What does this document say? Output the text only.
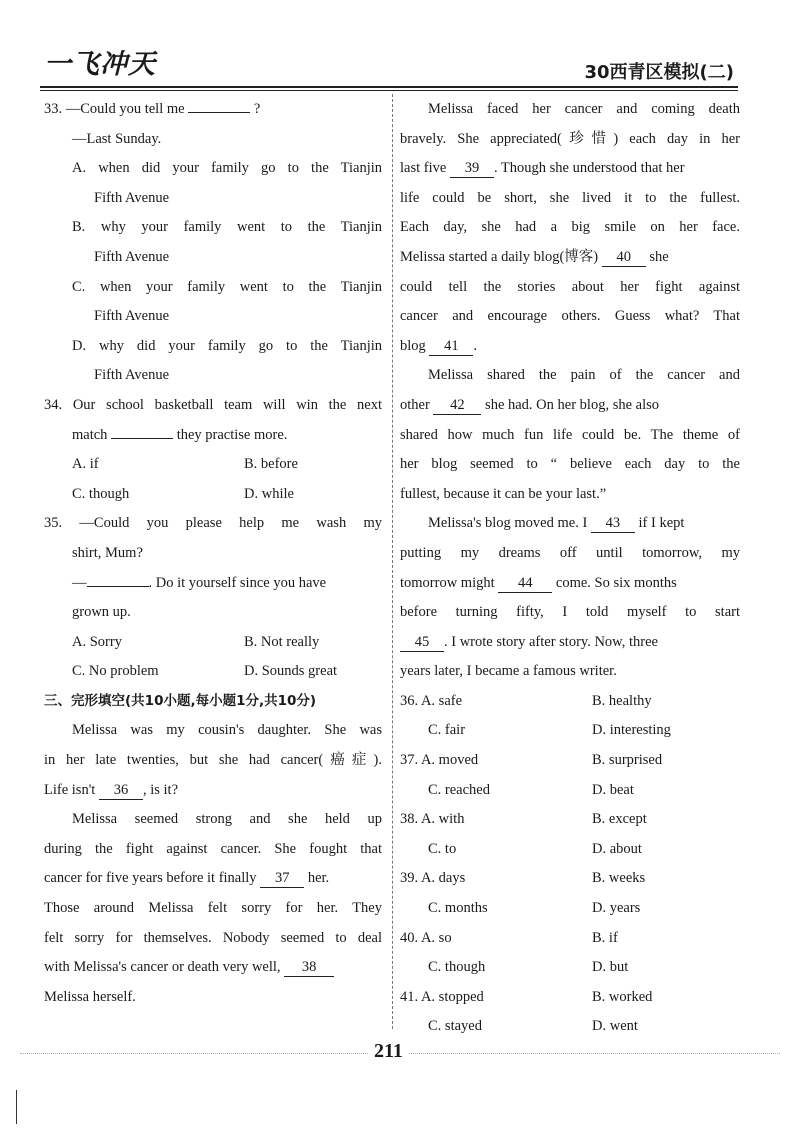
一飞冲天	30西青区模拟(二)
33. —Could you tell me	?
—Last Sunday.
A. when did your family go to the Tianjin
Fifth Avenue
B. why your family went to the Tianjin
Fifth Avenue
C. when your family went to the Tianjin
Fifth Avenue
D. why did your family go to the Tianjin
Fifth Avenue
34. Our school basketball team will win the next
match	they practise more.
A. if	B. before
C. though	D. while
35. —Could you please help me wash my
shirt, Mum?
—	. Do it yourself since you have
grown up.
A. Sorry	B. Not really
C. No problem	D. Sounds great
三、完形填空(共10小题,每小题1分,共10分)
Melissa was my cousin's daughter. She was
in her late twenties, but she had cancer(癌症).
Life isn't 36 , is it?
Melissa seemed strong and she held up
during the fight against cancer. She fought that
cancer for five years before it finally 37 her.
Those around Melissa felt sorry for her. They
felt sorry for themselves. Nobody seemed to deal
with Melissa's cancer or death very well, 38
Melissa herself.
Melissa faced her cancer and coming death
bravely. She appreciated(珍惜) each day in her
last five 39 . Though she understood that her
life could be short, she lived it to the fullest.
Each day, she had a big smile on her face.
Melissa started a daily blog(博客) 40 she
could tell the stories about her fight against
cancer and encourage others. Guess what? That
blog 41 .
Melissa shared the pain of the cancer and
other 42 she had. On her blog, she also
shared how much fun life could be. The theme of
her blog seemed to “ believe each day to the
fullest, because it can be your last.”
Melissa's blog moved me. I 43 if I kept
putting my dreams off until tomorrow, my
tomorrow might 44 come. So six months
before turning fifty, I told myself to start
45 . I wrote story after story. Now, three
years later, I became a famous writer.
36. A. safe	B. healthy
C. fair	D. interesting
37. A. moved	B. surprised
C. reached	D. beat
38. A. with	B. except
C. to	D. about
39. A. days	B. weeks
C. months	D. years
40. A. so	B. if
C. though	D. but
41. A. stopped	B. worked
C. stayed	D. went
211
